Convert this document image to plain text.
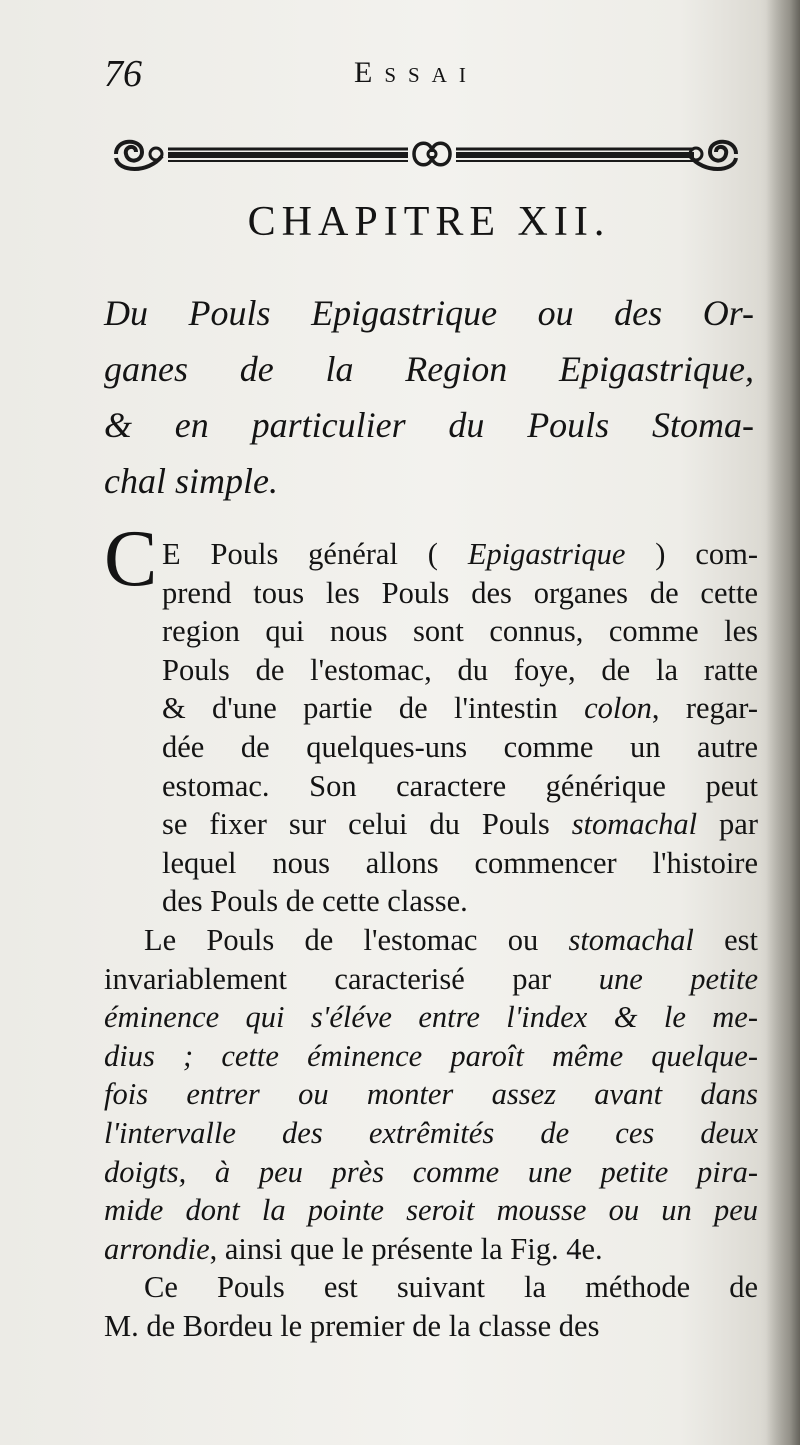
76	Essai
CHAPITRE XII.
Du Pouls Epigastrique ou des Or-
ganes de la Region Epigastrique,
& en particulier du Pouls Stoma-
chal simple.
C E Pouls général ( Epigastrique ) com-
prend tous les Pouls des organes de cette
region qui nous sont connus, comme les
Pouls de l'estomac, du foye, de la ratte
& d'une partie de l'intestin colon, regar-
dée de quelques-uns comme un autre
estomac. Son caractere générique peut
se fixer sur celui du Pouls stomachal par
lequel nous allons commencer l'histoire
des Pouls de cette classe.
Le Pouls de l'estomac ou stomachal est
invariablement caracterisé par une petite
éminence qui s'éléve entre l'index & le me-
dius ; cette éminence paroît même quelque-
fois entrer ou monter assez avant dans
l'intervalle des extrêmités de ces deux
doigts, à peu près comme une petite pira-
mide dont la pointe seroit mousse ou un peu
arrondie, ainsi que le présente la Fig. 4e.
Ce Pouls est suivant la méthode de
M. de Bordeu le premier de la classe des
